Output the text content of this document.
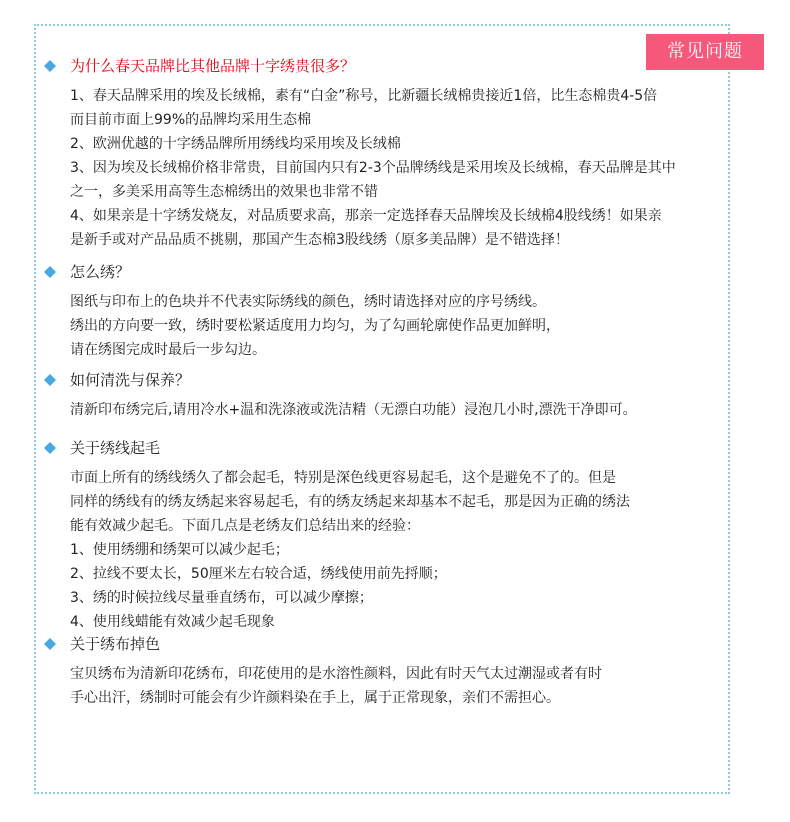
常见问题
为什么春天品牌比其他品牌十字绣贵很多？
1、春天品牌采用的埃及长绒棉，素有“白金”称号，比新疆长绒棉贵接近1倍，比生态棉贵4-5倍
而目前市面上99%的品牌均采用生态棉
2、欧洲优越的十字绣品牌所用绣线均采用埃及长绒棉
3、因为埃及长绒棉价格非常贵，目前国内只有2-3个品牌绣线是采用埃及长绒棉，春天品牌是其中
之一，多美采用高等生态棉绣出的效果也非常不错
4、如果亲是十字绣发烧友，对品质要求高，那亲一定选择春天品牌埃及长绒棉4股线绣！如果亲
是新手或对产品品质不挑剔，那国产生态棉3股线绣（原多美品牌）是不错选择！
怎么绣？
图纸与印布上的色块并不代表实际绣线的颜色，绣时请选择对应的序号绣线。
绣出的方向要一致，绣时要松紧适度用力均匀，为了勾画轮廓使作品更加鲜明，
请在绣图完成时最后一步勾边。
如何清洗与保养？
清新印布绣完后,请用冷水+温和洗涤液或洗洁精（无漂白功能）浸泡几小时,漂洗干净即可。
关于绣线起毛
市面上所有的绣线绣久了都会起毛，特别是深色线更容易起毛，这个是避免不了的。但是
同样的绣线有的绣友绣起来容易起毛，有的绣友绣起来却基本不起毛，那是因为正确的绣法
能有效减少起毛。下面几点是老绣友们总结出来的经验：
1、使用绣绷和绣架可以减少起毛；
2、拉线不要太长，50厘米左右较合适，绣线使用前先捋顺；
3、绣的时候拉线尽量垂直绣布，可以减少摩擦；
4、使用线蜡能有效减少起毛现象
关于绣布掉色
宝贝绣布为清新印花绣布，印花使用的是水溶性颜料，因此有时天气太过潮湿或者有时
手心出汗，绣制时可能会有少许颜料染在手上，属于正常现象，亲们不需担心。
